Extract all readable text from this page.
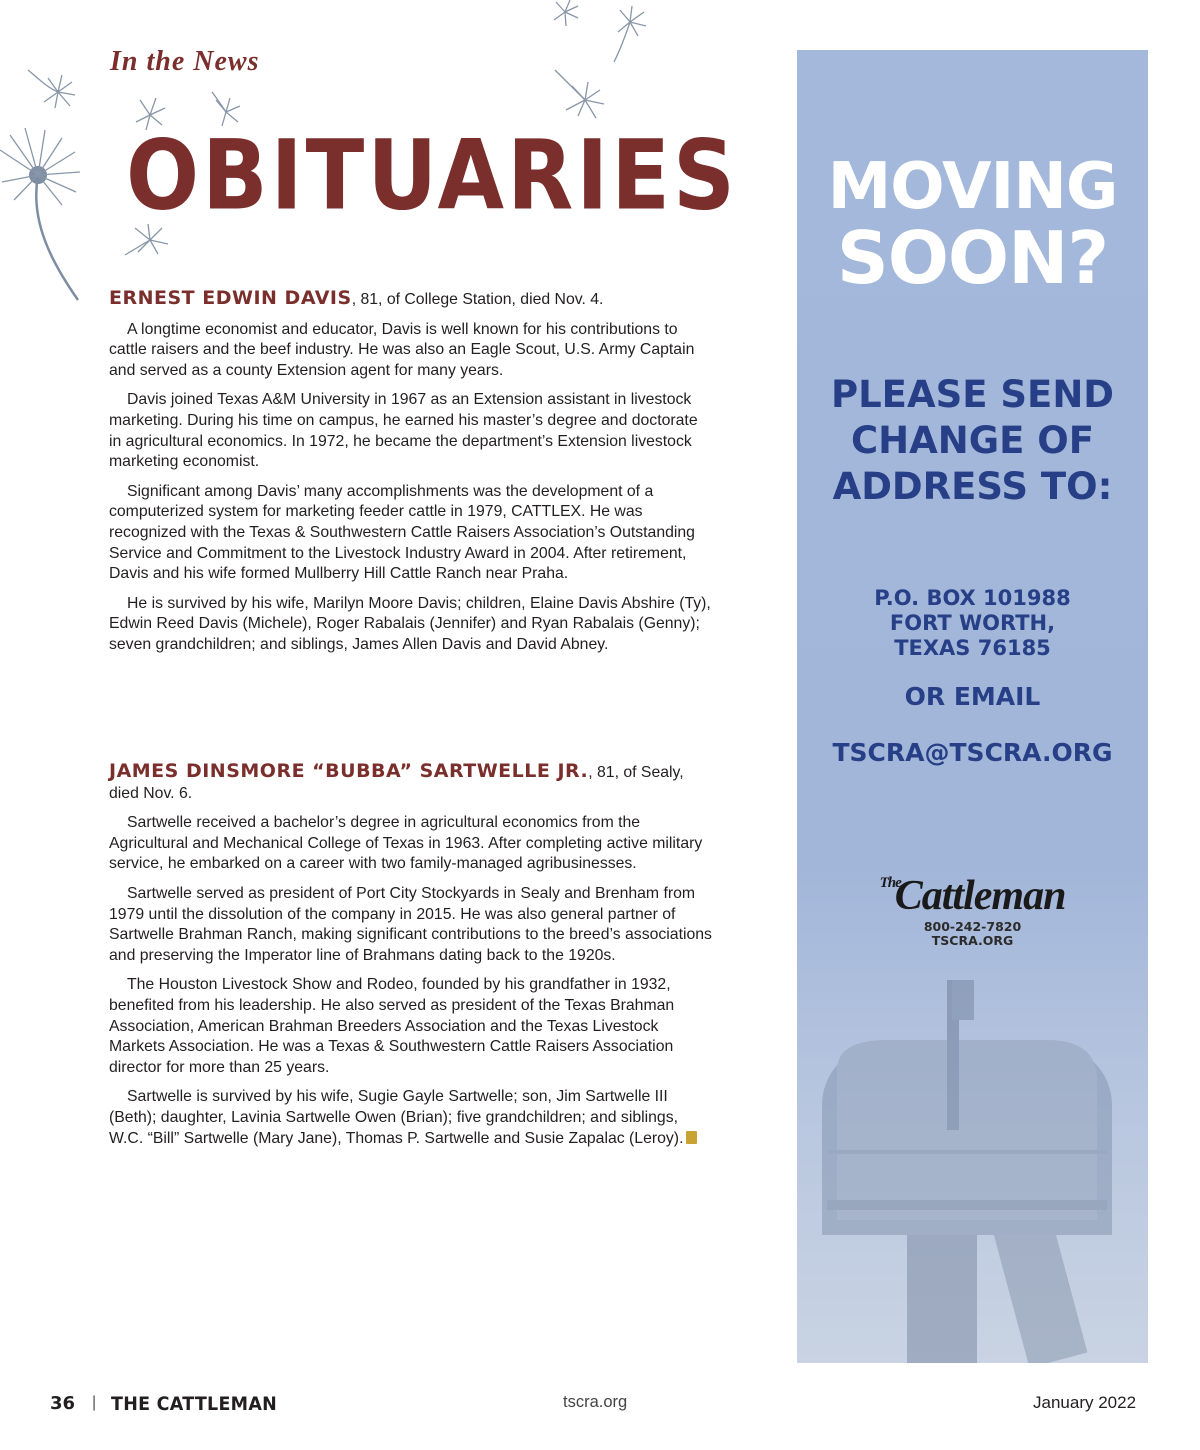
In the News
OBITUARIES

ERNEST EDWIN DAVIS, 81, of College Station, died Nov. 4.

A longtime economist and educator, Davis is well known for his contributions to cattle raisers and the beef industry. He was also an Eagle Scout, U.S. Army Captain and served as a county Extension agent for many years.

Davis joined Texas A&M University in 1967 as an Extension assistant in livestock marketing. During his time on campus, he earned his master’s degree and doctorate in agricultural economics. In 1972, he became the department’s Extension livestock marketing economist.

Significant among Davis’ many accomplishments was the development of a computerized system for marketing feeder cattle in 1979, CATTLEX. He was recognized with the Texas & Southwestern Cattle Raisers Association’s Outstanding Service and Commitment to the Livestock Industry Award in 2004. After retirement, Davis and his wife formed Mullberry Hill Cattle Ranch near Praha.

He is survived by his wife, Marilyn Moore Davis; children, Elaine Davis Abshire (Ty), Edwin Reed Davis (Michele), Roger Rabalais (Jennifer) and Ryan Rabalais (Genny); seven grandchildren; and siblings, James Allen Davis and David Abney.

JAMES DINSMORE “BUBBA” SARTWELLE JR., 81, of Sealy, died Nov. 6.

Sartwelle received a bachelor’s degree in agricultural economics from the Agricultural and Mechanical College of Texas in 1963. After completing active military service, he embarked on a career with two family-managed agribusinesses.

Sartwelle served as president of Port City Stockyards in Sealy and Brenham from 1979 until the dissolution of the company in 2015. He was also general partner of Sartwelle Brahman Ranch, making significant contributions to the breed’s associations and preserving the Imperator line of Brahmans dating back to the 1920s.

The Houston Livestock Show and Rodeo, founded by his grandfather in 1932, benefited from his leadership. He also served as president of the Texas Brahman Association, American Brahman Breeders Association and the Texas Livestock Markets Association. He was a Texas & Southwestern Cattle Raisers Association director for more than 25 years.

Sartwelle is survived by his wife, Sugie Gayle Sartwelle; son, Jim Sartwelle III (Beth); daughter, Lavinia Sartwelle Owen (Brian); five grandchildren; and siblings, W.C. “Bill” Sartwelle (Mary Jane), Thomas P. Sartwelle and Susie Zapalac (Leroy).

MOVING
SOON?
PLEASE SEND
CHANGE OF
ADDRESS TO:
P.O. BOX 101988
FORT WORTH,
TEXAS 76185
OR EMAIL
TSCRA@TSCRA.ORG
$^{The}$Cattleman
800-242-7820
TSCRA.ORG
36 | THE CATTLEMAN	tscra.org	January 2022
